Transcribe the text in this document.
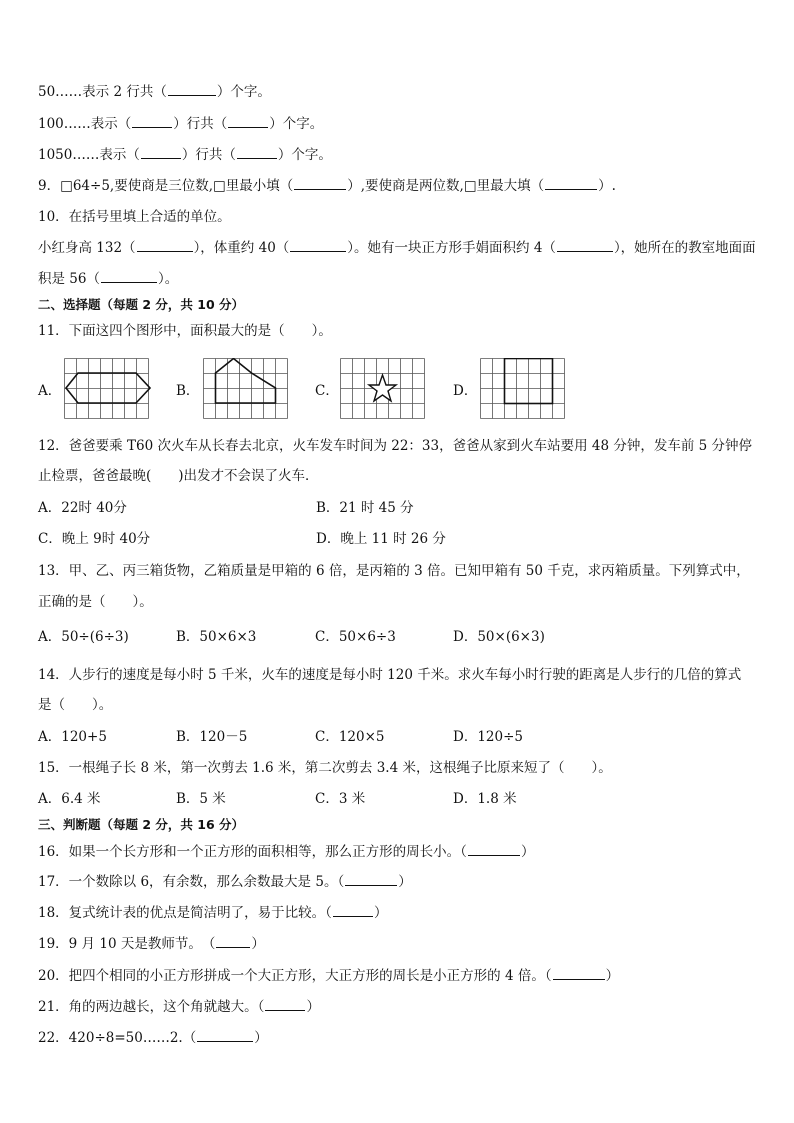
50……表示 2 行共（	）个字。
100……表示（	）行共（	）个字。
1050……表示（	）行共（	）个字。
9．□64÷5,要使商是三位数,□里最小填（	）,要使商是两位数,□里最大填（	）.
10．在括号里填上合适的单位。
小红身高 132（	），体重约 40（	）。她有一块正方形手娟面积约 4（	），她所在的教室地面面
积是 56（	）。
二、选择题（每题 2 分，共 10 分）
11．下面这四个图形中，面积最大的是（　　）。
A．	B．	C．	D．
12．爸爸要乘 T60 次火车从长春去北京，火车发车时间为 22：33，爸爸从家到火车站要用 48 分钟，发车前 5 分钟停
止检票，爸爸最晚(　　)出发才不会误了火车．
A．22时 40分	B．21 时 45 分
C．晚上 9时 40分	D．晚上 11 时 26 分
13．甲、乙、丙三箱货物，乙箱质量是甲箱的 6 倍，是丙箱的 3 倍。已知甲箱有 50 千克，求丙箱质量。下列算式中，
正确的是（　　）。
A．50÷(6÷3)	B．50×6×3	C．50×6÷3	D．50×(6×3)
14．人步行的速度是每小时 5 千米，火车的速度是每小时 120 千米。求火车每小时行驶的距离是人步行的几倍的算式
是（　　）。
A．120+5	B．120－5	C．120×5	D．120÷5
15．一根绳子长 8 米，第一次剪去 1.6 米，第二次剪去 3.4 米，这根绳子比原来短了（　　）。
A．6.4 米	B．5 米	C．3 米	D．1.8 米
三、判断题（每题 2 分，共 16 分）
16．如果一个长方形和一个正方形的面积相等，那么正方形的周长小。（	）
17．一个数除以 6，有余数，那么余数最大是 5。（	）
18．复式统计表的优点是简洁明了，易于比较。（	）
19．9 月 10 天是教师节。　（	）
20．把四个相同的小正方形拼成一个大正方形，大正方形的周长是小正方形的 4 倍。（	）
21．角的两边越长，这个角就越大。（	）
22．420÷8=50……2.（	）
